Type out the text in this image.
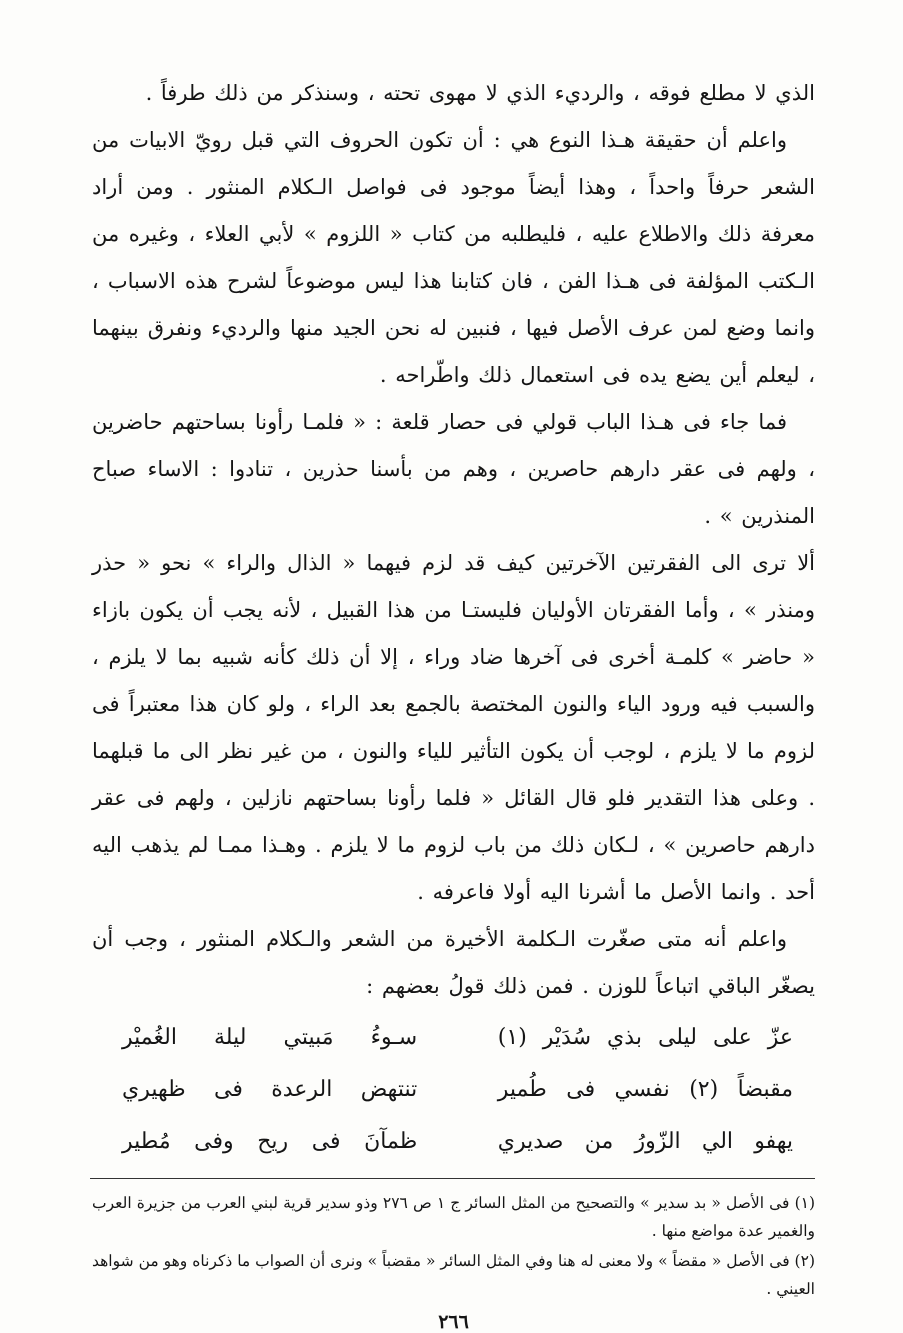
الذي لا مطلع فوقه ، والرديء الذي لا مهوى تحته ، وسنذكر من ذلك طرفاً .

واعلم أن حقيقة هـذا النوع هي : أن تكون الحروف التي قبل رويّ الابيات من الشعر حرفاً واحداً ، وهذا أيضاً موجود فى فواصل الـكلام المنثور . ومن أراد معرفة ذلك والاطلاع عليه ، فليطلبه من كتاب « اللزوم » لأبي العلاء ، وغيره من الـكتب المؤلفة فى هـذا الفن ، فان كتابنا هذا ليس موضوعاً لشرح هذه الاسباب ، وانما وضع لمن عرف الأصل فيها ، فنبين له نحن الجيد منها والرديء ونفرق بينهما ، ليعلم أين يضع يده فى استعمال ذلك واطّراحه .

فما جاء فى هـذا الباب قولي فى حصار قلعة : « فلمـا رأونا بساحتهم حاضرين ، ولهم فى عقر دارهم حاصرين ، وهم من بأسنا حذرين ، تنادوا : الاساء صباح المنذرين » .

ألا ترى الى الفقرتين الآخرتين كيف قد لزم فيهما « الذال والراء » نحو « حذر ومنذر » ، وأما الفقرتان الأوليان فليستـا من هذا القبيل ، لأنه يجب أن يكون بازاء « حاضر » كلمـة أخرى فى آخرها ضاد وراء ، إلا أن ذلك كأنه شبيه بما لا يلزم ، والسبب فيه ورود الياء والنون المختصة بالجمع بعد الراء ، ولو كان هذا معتبراً فى لزوم ما لا يلزم ، لوجب أن يكون التأثير للياء والنون ، من غير نظر الى ما قبلهما . وعلى هذا التقدير فلو قال القائل « فلما رأونا بساحتهم نازلين ، ولهم فى عقر دارهم حاصرين » ، لـكان ذلك من باب لزوم ما لا يلزم . وهـذا ممـا لم يذهب اليه أحد . وانما الأصل ما أشرنا اليه أولا فاعرفه .

واعلم أنه متى صغّرت الـكلمة الأخيرة من الشعر والـكلام المنثور ، وجب أن يصغّر الباقي اتباعاً للوزن . فمن ذلك قولُ بعضهم :

عزّ على ليلى بذي سُدَيْر (١)
سـوءُ مَبيتي ليلة الغُميْر
مقبضاً (٢) نفسي فى طُمير
تنتهض الرعدة فى ظهيري
يهفو الي الزّورُ من صديري
ظمآنَ فى ريح وفى مُطير

(١) فى الأصل « بد سدير » والتصحيح من المثل السائر ج ١ ص ٢٧٦ وذو سدير قرية لبني العرب من جزيرة العرب والغمير عدة مواضع منها .

(٢) فى الأصل « مقضاً » ولا معنى له هنا وفي المثل السائر « مقضباً » ونرى أن الصواب ما ذكرناه وهو من شواهد العيني .

٢٦٦
